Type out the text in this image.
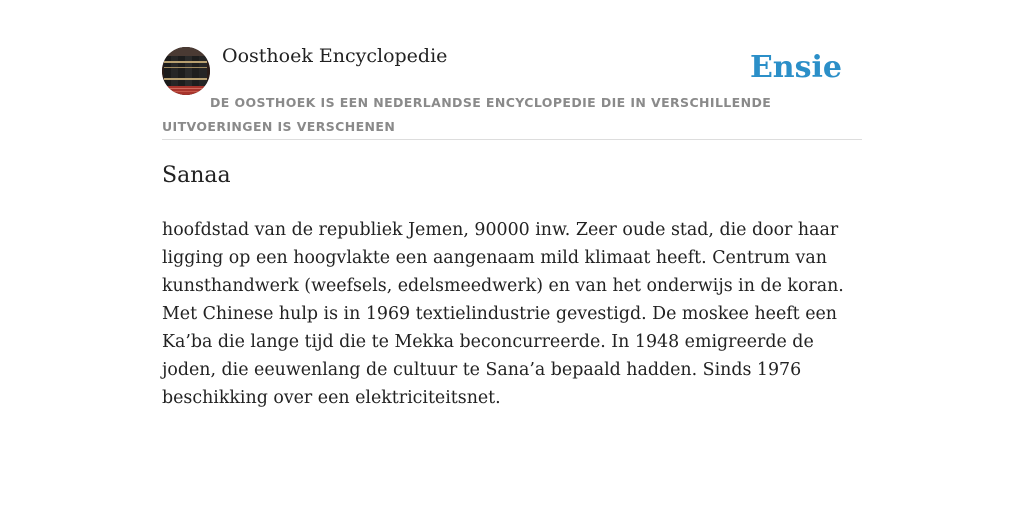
Oosthoek Encyclopedie	Ensie

DE OOSTHOEK IS EEN NEDERLANDSE ENCYCLOPEDIE DIE IN VERSCHILLENDE UITVOERINGEN IS VERSCHENEN

Sanaa

hoofdstad van de republiek Jemen, 90000 inw. Zeer oude stad, die door haar ligging op een hoogvlakte een aangenaam mild klimaat heeft. Centrum van kunsthandwerk (weefsels, edelsmeedwerk) en van het onderwijs in de koran. Met Chinese hulp is in 1969 textielindustrie gevestigd. De moskee heeft een Ka’ba die lange tijd die te Mekka beconcurreerde. In 1948 emigreerde de joden, die eeuwenlang de cultuur te Sana’a bepaald hadden. Sinds 1976 beschikking over een elektriciteitsnet.
